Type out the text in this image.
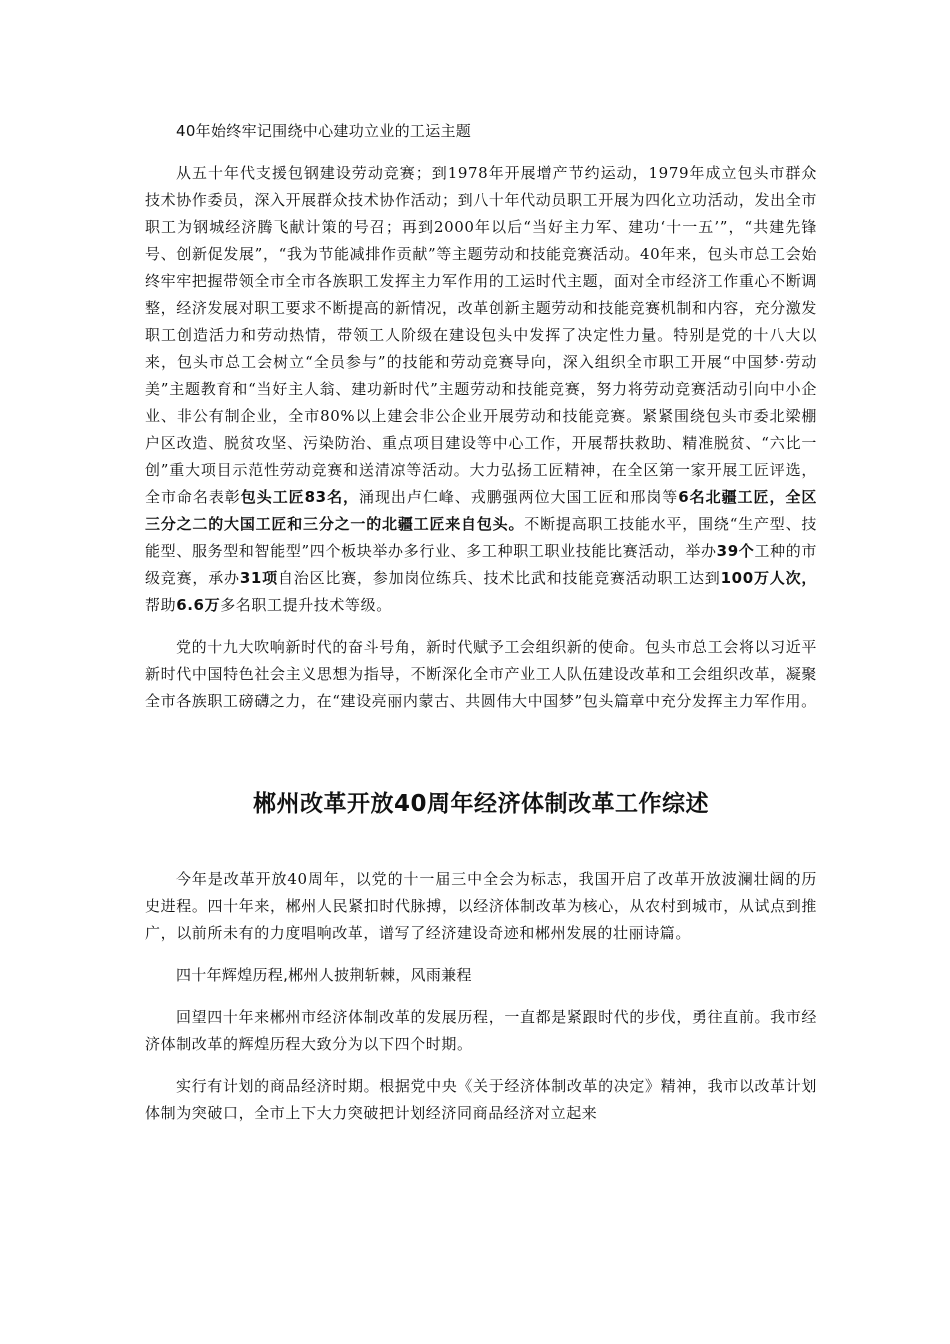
40年始终牢记围绕中心建功立业的工运主题
从五十年代支援包钢建设劳动竞赛；到1978年开展增产节约运动，1979年成立包头市群众技术协作委员，深入开展群众技术协作活动；到八十年代动员职工开展为四化立功活动，发出全市职工为钢城经济腾飞献计策的号召；再到2000年以后“当好主力军、建功‘十一五’”，“共建先锋号、创新促发展”，“我为节能减排作贡献”等主题劳动和技能竞赛活动。40年来，包头市总工会始终牢牢把握带领全市全市各族职工发挥主力军作用的工运时代主题，面对全市经济工作重心不断调整，经济发展对职工要求不断提高的新情况，改革创新主题劳动和技能竞赛机制和内容，充分激发职工创造活力和劳动热情，带领工人阶级在建设包头中发挥了决定性力量。特别是党的十八大以来，包头市总工会树立“全员参与”的技能和劳动竞赛导向，深入组织全市职工开展“中国梦·劳动美”主题教育和“当好主人翁、建功新时代”主题劳动和技能竞赛，努力将劳动竞赛活动引向中小企业、非公有制企业，全市80%以上建会非公企业开展劳动和技能竞赛。紧紧围绕包头市委北梁棚户区改造、脱贫攻坚、污染防治、重点项目建设等中心工作，开展帮扶救助、精准脱贫、“六比一创”重大项目示范性劳动竞赛和送清凉等活动。大力弘扬工匠精神，在全区第一家开展工匠评选，全市命名表彰包头工匠83名，涌现出卢仁峰、戎鹏强两位大国工匠和邢岗等6名北疆工匠，全区三分之二的大国工匠和三分之一的北疆工匠来自包头。不断提高职工技能水平，围绕“生产型、技能型、服务型和智能型”四个板块举办多行业、多工种职工职业技能比赛活动，举办39个工种的市级竞赛，承办31项自治区比赛，参加岗位练兵、技术比武和技能竞赛活动职工达到100万人次，帮助6.6万多名职工提升技术等级。
党的十九大吹响新时代的奋斗号角，新时代赋予工会组织新的使命。包头市总工会将以习近平新时代中国特色社会主义思想为指导，不断深化全市产业工人队伍建设改革和工会组织改革，凝聚全市各族职工磅礴之力，在“建设亮丽内蒙古、共圆伟大中国梦”包头篇章中充分发挥主力军作用。
郴州改革开放40周年经济体制改革工作综述
今年是改革开放40周年，以党的十一届三中全会为标志，我国开启了改革开放波澜壮阔的历史进程。四十年来，郴州人民紧扣时代脉搏，以经济体制改革为核心，从农村到城市，从试点到推广，以前所未有的力度唱响改革，谱写了经济建设奇迹和郴州发展的壮丽诗篇。
四十年辉煌历程,郴州人披荆斩棘，风雨兼程
回望四十年来郴州市经济体制改革的发展历程，一直都是紧跟时代的步伐，勇往直前。我市经济体制改革的辉煌历程大致分为以下四个时期。
实行有计划的商品经济时期。根据党中央《关于经济体制改革的决定》精神，我市以改革计划体制为突破口，全市上下大力突破把计划经济同商品经济对立起来
